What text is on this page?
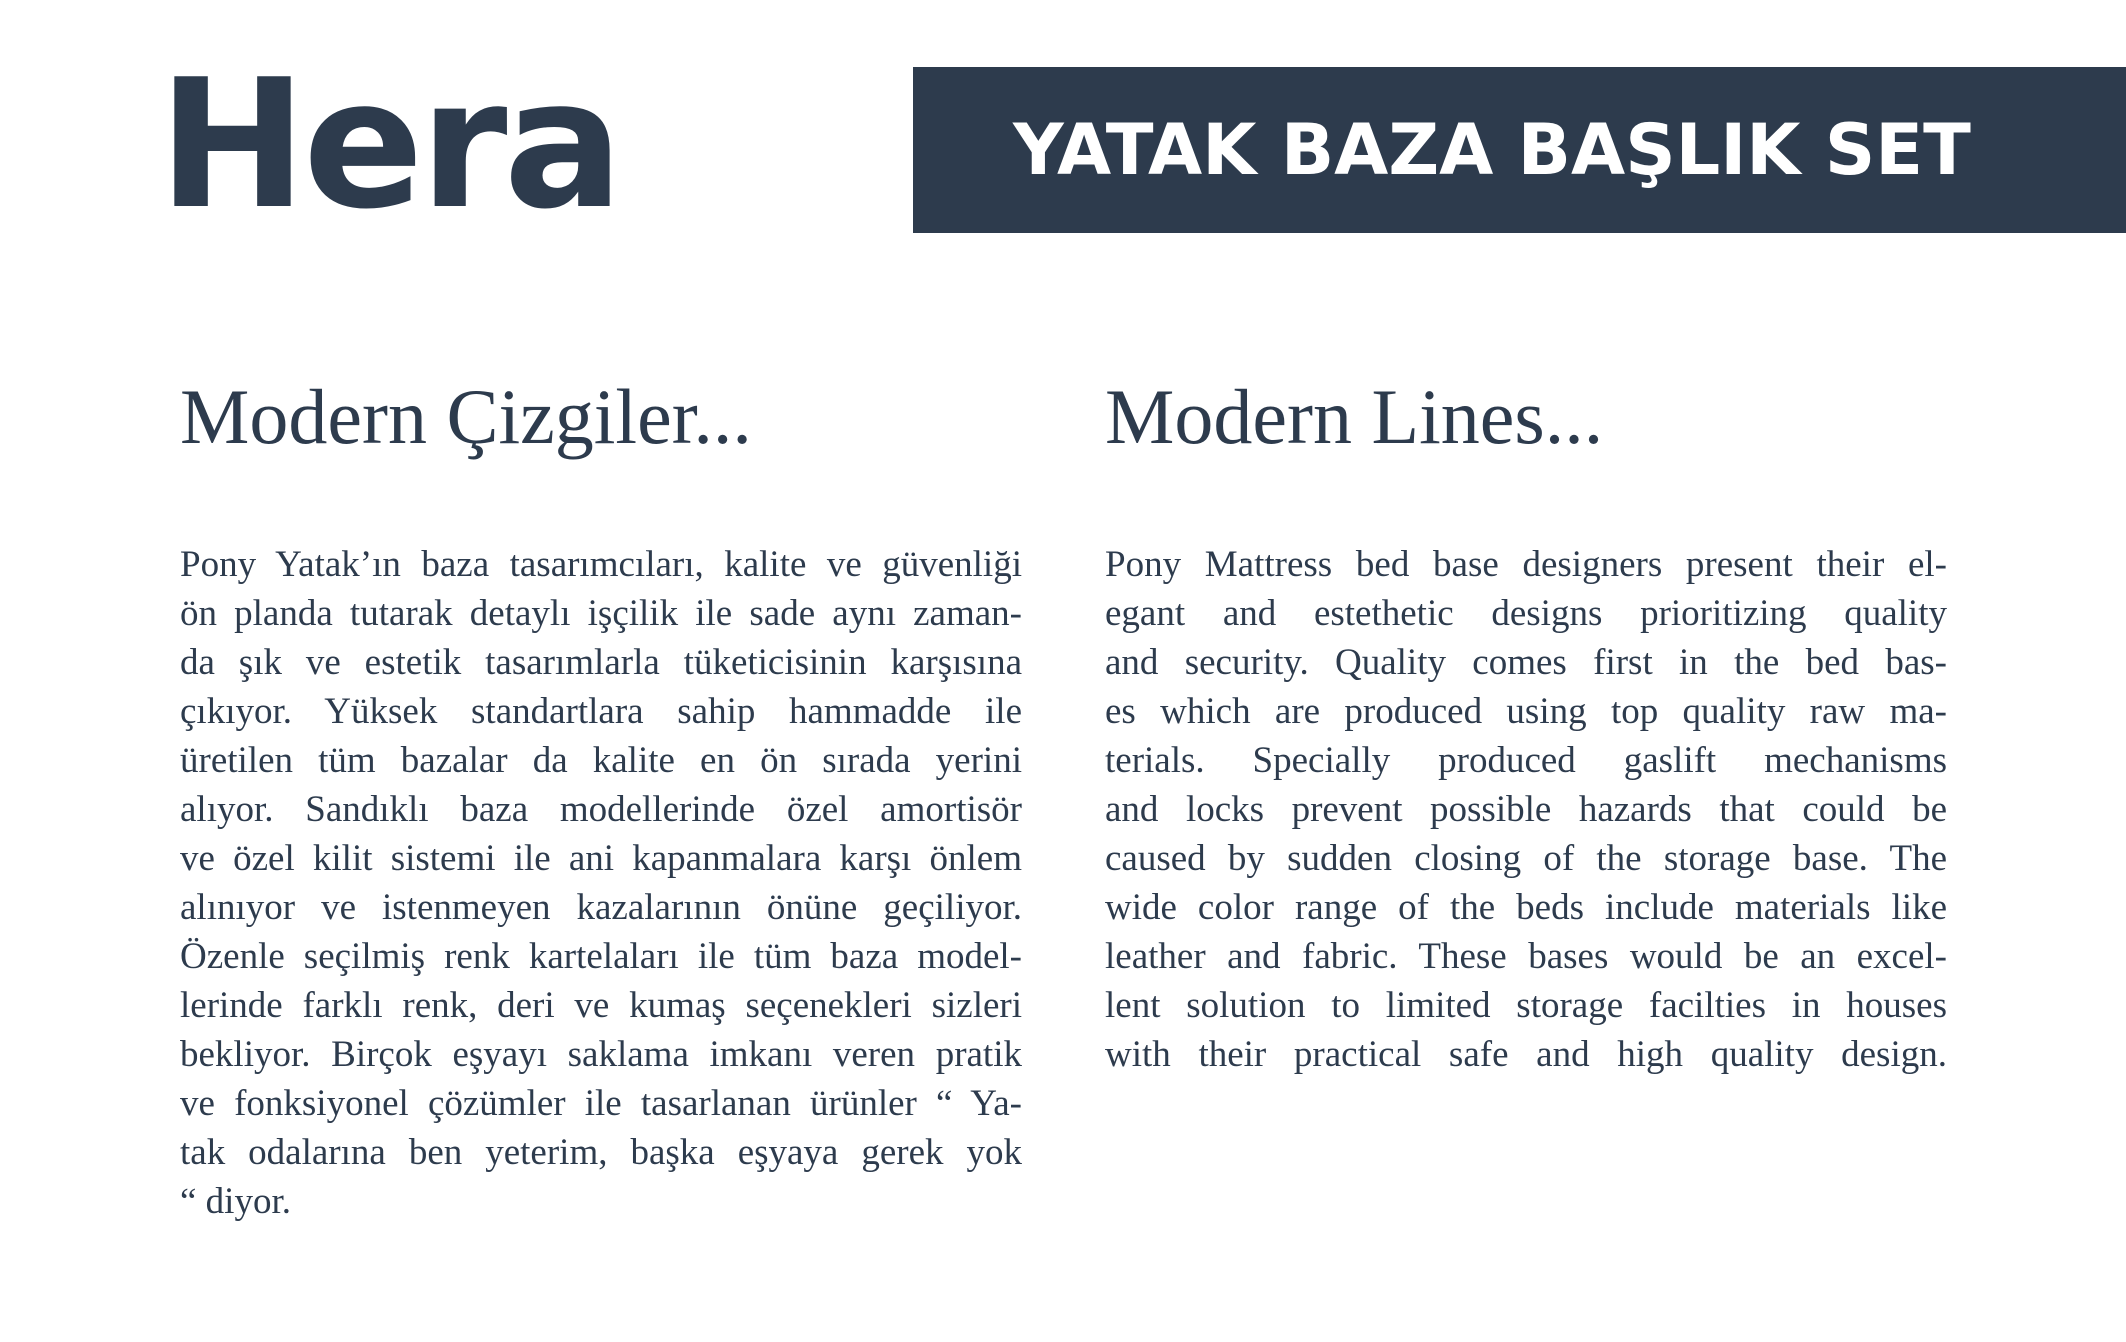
Hera	YATAK BAZA BAŞLIK SET
Modern Çizgiler...

Pony Yatak’ın baza tasarımcıları, kalite ve güvenliği
ön planda tutarak detaylı işçilik ile sade aynı zaman-
da şık ve estetik tasarımlarla tüketicisinin karşısına
çıkıyor. Yüksek standartlara sahip hammadde ile
üretilen tüm bazalar da kalite en ön sırada yerini
alıyor. Sandıklı baza modellerinde özel amortisör
ve özel kilit sistemi ile ani kapanmalara karşı önlem
alınıyor ve istenmeyen kazalarının önüne geçiliyor.
Özenle seçilmiş renk kartelaları ile tüm baza model-
lerinde farklı renk, deri ve kumaş seçenekleri sizleri
bekliyor. Birçok eşyayı saklama imkanı veren pratik
ve fonksiyonel çözümler ile tasarlanan ürünler “ Ya-
tak odalarına ben yeterim, başka eşyaya gerek yok
“ diyor.

Modern Lines...

Pony Mattress bed base designers present their el-
egant and estethetic designs prioritizing quality
and security. Quality comes first in the bed bas-
es which are produced using top quality raw ma-
terials. Specially produced gaslift mechanisms
and locks prevent possible hazards that could be
caused by sudden closing of the storage base. The
wide color range of the beds include materials like
leather and fabric. These bases would be an excel-
lent solution to limited storage facilties in houses
with their practical safe and high quality design.
